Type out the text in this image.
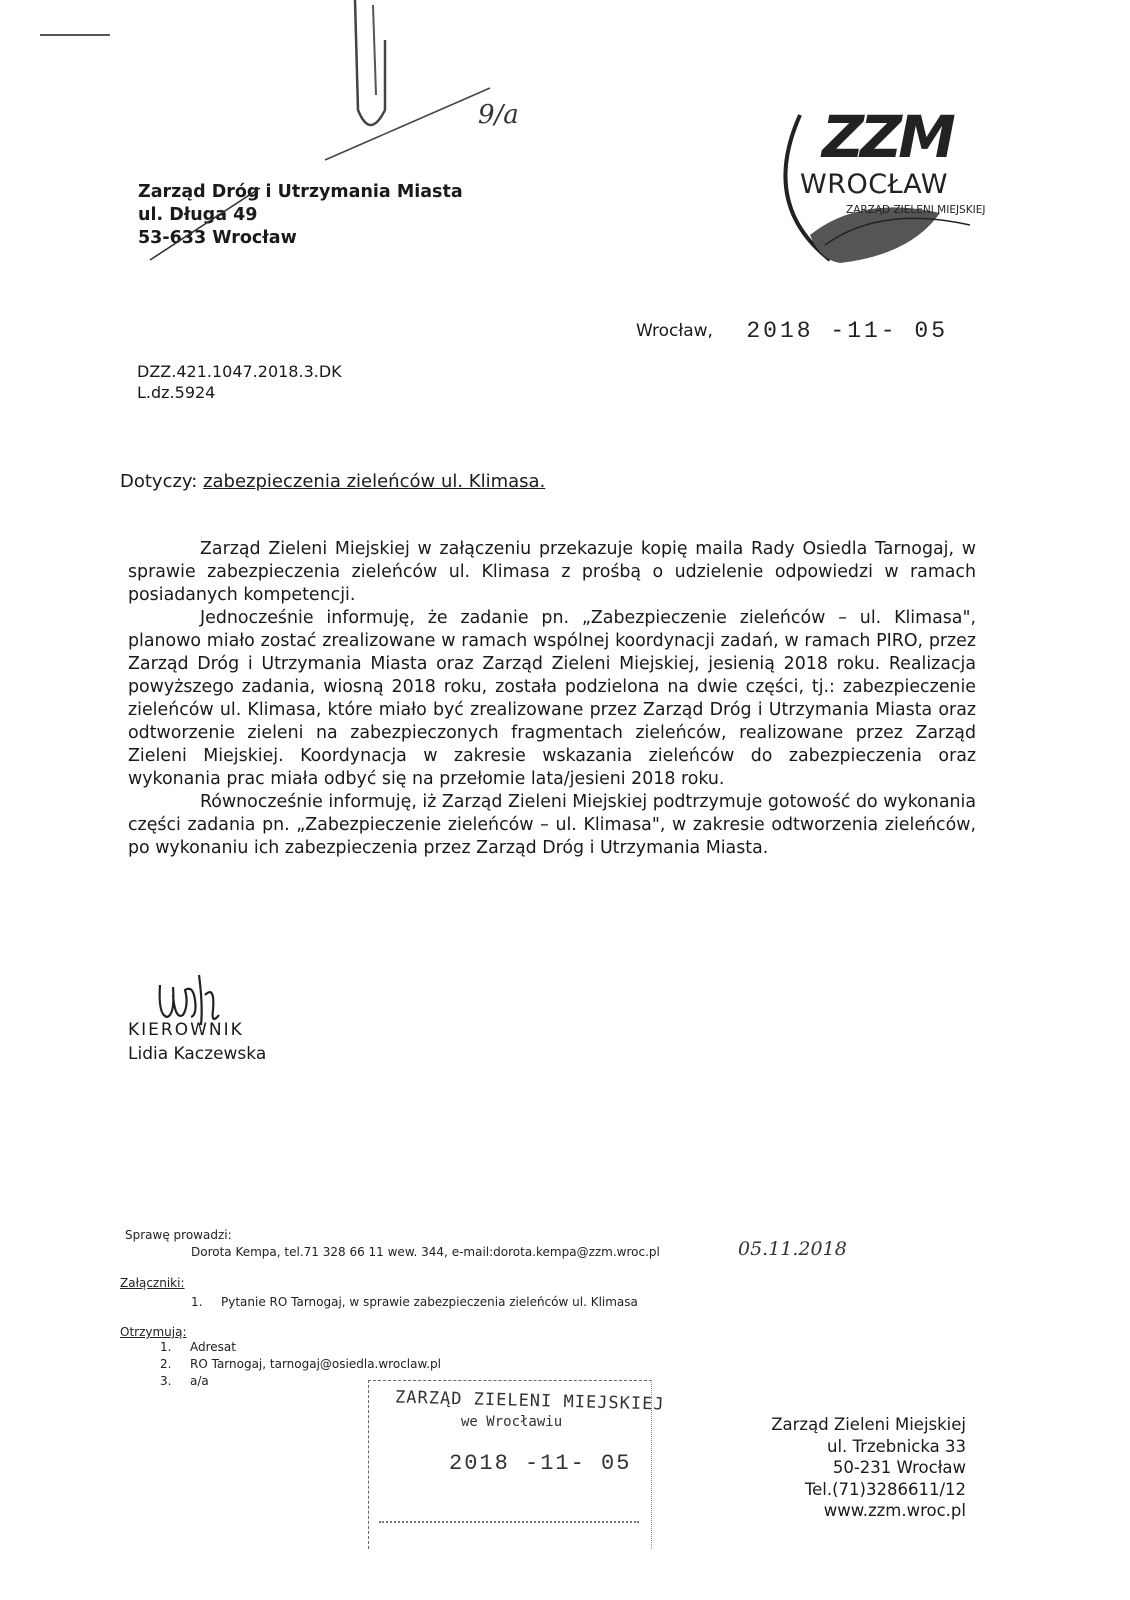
9/a
Zarząd Dróg i Utrzymania Miasta
ul. Długa 49
53-633 Wrocław
ZZM
WROCŁAW
ZARZĄD ZIELENI MIEJSKIEJ
Wrocław, 2018 -11- 05
DZZ.421.1047.2018.3.DK
L.dz.5924
Dotyczy: zabezpieczenia zieleńców ul. Klimasa.

Zarząd Zieleni Miejskiej w załączeniu przekazuje kopię maila Rady Osiedla Tarnogaj, w sprawie zabezpieczenia zieleńców ul. Klimasa z prośbą o udzielenie odpowiedzi w ramach posiadanych kompetencji.

Jednocześnie informuję, że zadanie pn. „Zabezpieczenie zieleńców – ul. Klimasa", planowo miało zostać zrealizowane w ramach wspólnej koordynacji zadań, w ramach PIRO, przez Zarząd Dróg i Utrzymania Miasta oraz Zarząd Zieleni Miejskiej, jesienią 2018 roku. Realizacja powyższego zadania, wiosną 2018 roku, została podzielona na dwie części, tj.: zabezpieczenie zieleńców ul. Klimasa, które miało być zrealizowane przez Zarząd Dróg i Utrzymania Miasta oraz odtworzenie zieleni na zabezpieczonych fragmentach zieleńców, realizowane przez Zarząd Zieleni Miejskiej. Koordynacja w zakresie wskazania zieleńców do zabezpieczenia oraz wykonania prac miała odbyć się na przełomie lata/jesieni 2018 roku.

Równocześnie informuję, iż Zarząd Zieleni Miejskiej podtrzymuje gotowość do wykonania części zadania pn. „Zabezpieczenie zieleńców – ul. Klimasa", w zakresie odtworzenia zieleńców, po wykonaniu ich zabezpieczenia przez Zarząd Dróg i Utrzymania Miasta.

KIEROWNIK
Lidia Kaczewska
Sprawę prowadzi:
Dorota Kempa, tel.71 328 66 11 wew. 344, e-mail:dorota.kempa@zzm.wroc.pl	05.11.2018
Załączniki:
1. Pytanie RO Tarnogaj, w sprawie zabezpieczenia zieleńców ul. Klimasa
Otrzymują:
1. Adresat
2. RO Tarnogaj, tarnogaj@osiedla.wroclaw.pl
3. a/a
ZARZĄD ZIELENI MIEJSKIEJ
we Wrocławiu
2018 -11- 05
Zarząd Zieleni Miejskiej
ul. Trzebnicka 33
50-231 Wrocław
Tel.(71)3286611/12
www.zzm.wroc.pl
